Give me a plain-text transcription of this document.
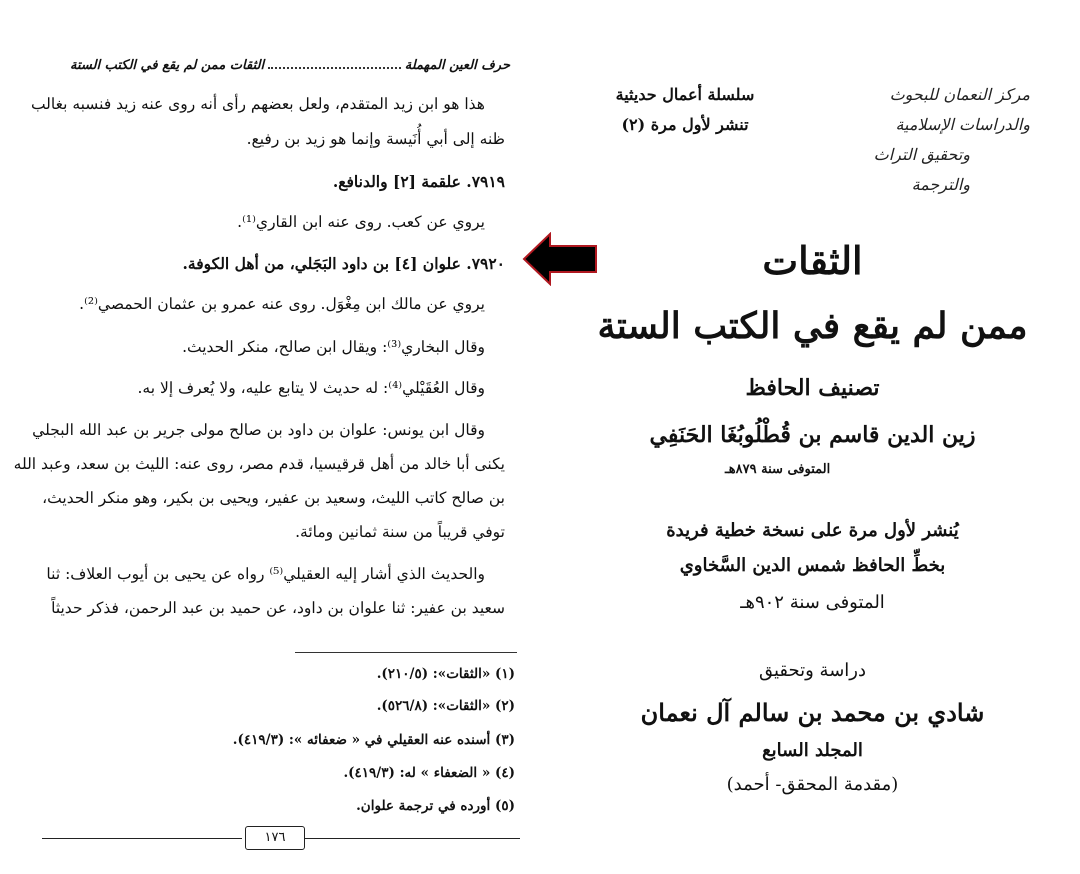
حرف العين المهملة
الثقات ممن لم يقع في الكتب الستة
هذا هو ابن زيد المتقدم، ولعل بعضهم رأى أنه روى عنه زيد فنسبه بغالب
ظنه إلى أبي أُنَيسة وإنما هو زيد بن رفيع.
٧٩١٩. علقمة [٢] والدنافع.
يروي عن كعب. روى عنه ابن القاري⁽¹⁾.
٧٩٢٠. علوان [٤] بن داود البَجَلي، من أهل الكوفة.
يروي عن مالك ابن مِغْوَل. روى عنه عمرو بن عثمان الحمصي⁽²⁾.
وقال البخاري⁽³⁾: ويقال ابن صالح، منكر الحديث.
وقال العُقَيْلي⁽⁴⁾: له حديث لا يتابع عليه، ولا يُعرف إلا به.
وقال ابن يونس: علوان بن داود بن صالح مولى جرير بن عبد الله البجلي
يكنى أبا خالد من أهل قرقيسيا، قدم مصر، روى عنه: الليث بن سعد، وعبد الله
بن صالح كاتب الليث، وسعيد بن عفير، ويحيى بن بكير، وهو منكر الحديث،
توفي قريباً من سنة ثمانين ومائة.
والحديث الذي أشار إليه العقيلي⁽⁵⁾ رواه عن يحيى بن أيوب العلاف: ثنا
سعيد بن عفير: ثنا علوان بن داود، عن حميد بن عبد الرحمن، فذكر حديثاً
(١) «الثقات»: (٢١٠/٥).
(٢) «الثقات»: (٥٢٦/٨).
(٣) أسنده عنه العقيلي في « ضعفائه »: (٤١٩/٣).
(٤) « الضعفاء » له: (٤١٩/٣).
(٥) أورده في ترجمة علوان.
١٧٦
مركز النعمان للبحوث والدراسات الإسلامية
وتحقيق التراث والترجمة
سلسلة أعمال حديثية
تنشر لأول مرة (٢)
الثقات
ممن لم يقع في الكتب الستة
تصنيف الحافظ
زين الدين قاسم بن قُطْلُوبُغَا الحَنَفِي
المتوفى سنة ٨٧٩هـ
يُنشر لأول مرة على نسخة خطية فريدة
بخطِّ الحافظ شمس الدين السَّخاوي
المتوفى سنة ٩٠٢هـ
دراسة وتحقيق
شادي بن محمد بن سالم آل نعمان
المجلد السابع
(مقدمة المحقق- أحمد)
